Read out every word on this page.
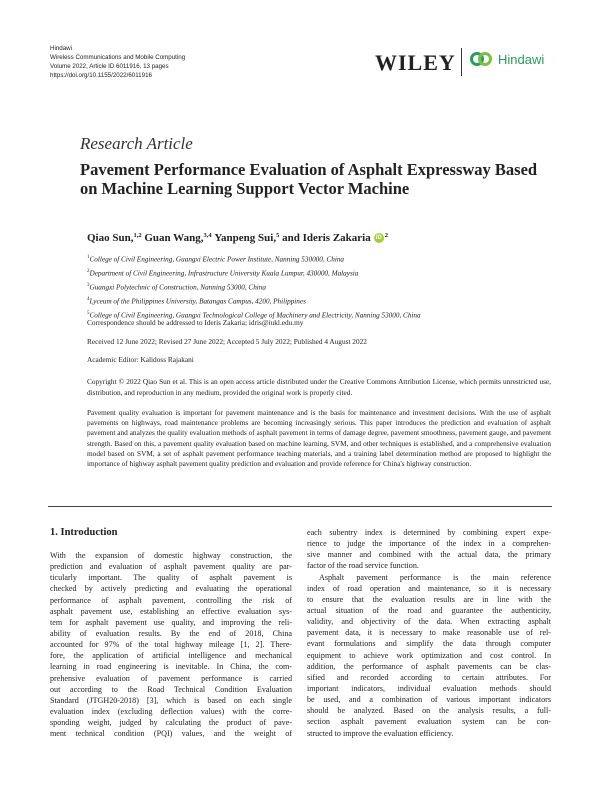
Hindawi
Wireless Communications and Mobile Computing
Volume 2022, Article ID 6011916, 13 pages
https://doi.org/10.1155/2022/6011916
WILEY	Hindawi
Research Article
Pavement Performance Evaluation of Asphalt Expressway Based on Machine Learning Support Vector Machine
Qiao Sun,$^{1,2}$
Guan Wang,$^{3,4}$
Yanpeng Sui,$^5$
and Ideris Zakaria iD $^2$
$^1$College of Civil Engineering, Guangxi Electric Power Institute, Nanning 530000, China
$^2$Department of Civil Engineering, Infrastructure University Kuala Lumpur, 430000, Malaysia
$^3$Guangxi Polytechnic of Construction, Nanning 53000, China
$^4$Lyceum of the Philippines University, Batangas Campus, 4200, Philippines
$^5$College of Civil Engineering, Guangxi Technological College of Machinery and Electricity, Nanning 53000, China
Correspondence should be addressed to Ideris Zakaria; idris@iukl.edu.my
Received 12 June 2022; Revised 27 June 2022; Accepted 5 July 2022; Published 4 August 2022
Academic Editor: Kalidoss Rajakani
Copyright © 2022 Qiao Sun et al. This is an open access article distributed under the Creative Commons Attribution License, which permits unrestricted use, distribution, and reproduction in any medium, provided the original work is properly cited.
Pavement quality evaluation is important for pavement maintenance and is the basis for maintenance and investment decisions. With the use of asphalt pavements on highways, road maintenance problems are becoming increasingly serious. This paper introduces the prediction and evaluation of asphalt pavement and analyzes the quality evaluation methods of asphalt pavement in terms of damage degree, pavement smoothness, pavement gauge, and pavement strength. Based on this, a pavement quality evaluation based on machine learning, SVM, and other techniques is established, and a comprehensive evaluation model based on SVM, a set of asphalt pavement performance teaching materials, and a training label determination method are proposed to highlight the importance of highway asphalt pavement quality prediction and evaluation and provide reference for China's highway construction.
1. Introduction
With the expansion of domestic highway construction, the
prediction and evaluation of asphalt pavement quality are par-
ticularly important. The quality of asphalt pavement is
checked by actively predicting and evaluating the operational
performance of asphalt pavement, controlling the risk of
asphalt pavement use, establishing an effective evaluation sys-
tem for asphalt pavement use quality, and improving the reli-
ability of evaluation results. By the end of 2018, China
accounted for 97% of the total highway mileage [1, 2]. There-
fore, the application of artificial intelligence and mechanical
learning in road engineering is inevitable. In China, the com-
prehensive evaluation of pavement performance is carried
out according to the Road Technical Condition Evaluation
Standard (JTGH20-2018) [3], which is based on each single
evaluation index (excluding deflection values) with the corre-
sponding weight, judged by calculating the product of pave-
ment technical condition (PQI) values, and the weight of
each subentry index is determined by combining expert expe-
rience to judge the importance of the index in a comprehen-
sive manner and combined with the actual data, the primary
factor of the road service function.
Asphalt pavement performance is the main reference
index of road operation and maintenance, so it is necessary
to ensure that the evaluation results are in line with the
actual situation of the road and guarantee the authenticity,
validity, and objectivity of the data. When extracting asphalt
pavement data, it is necessary to make reasonable use of rel-
evant formulations and simplify the data through computer
equipment to achieve work optimization and cost control. In
addition, the performance of asphalt pavements can be clas-
sified and recorded according to certain attributes. For
important indicators, individual evaluation methods should
be used, and a combination of various important indicators
should be analyzed. Based on the analysis results, a full-
section asphalt pavement evaluation system can be con-
structed to improve the evaluation efficiency.
